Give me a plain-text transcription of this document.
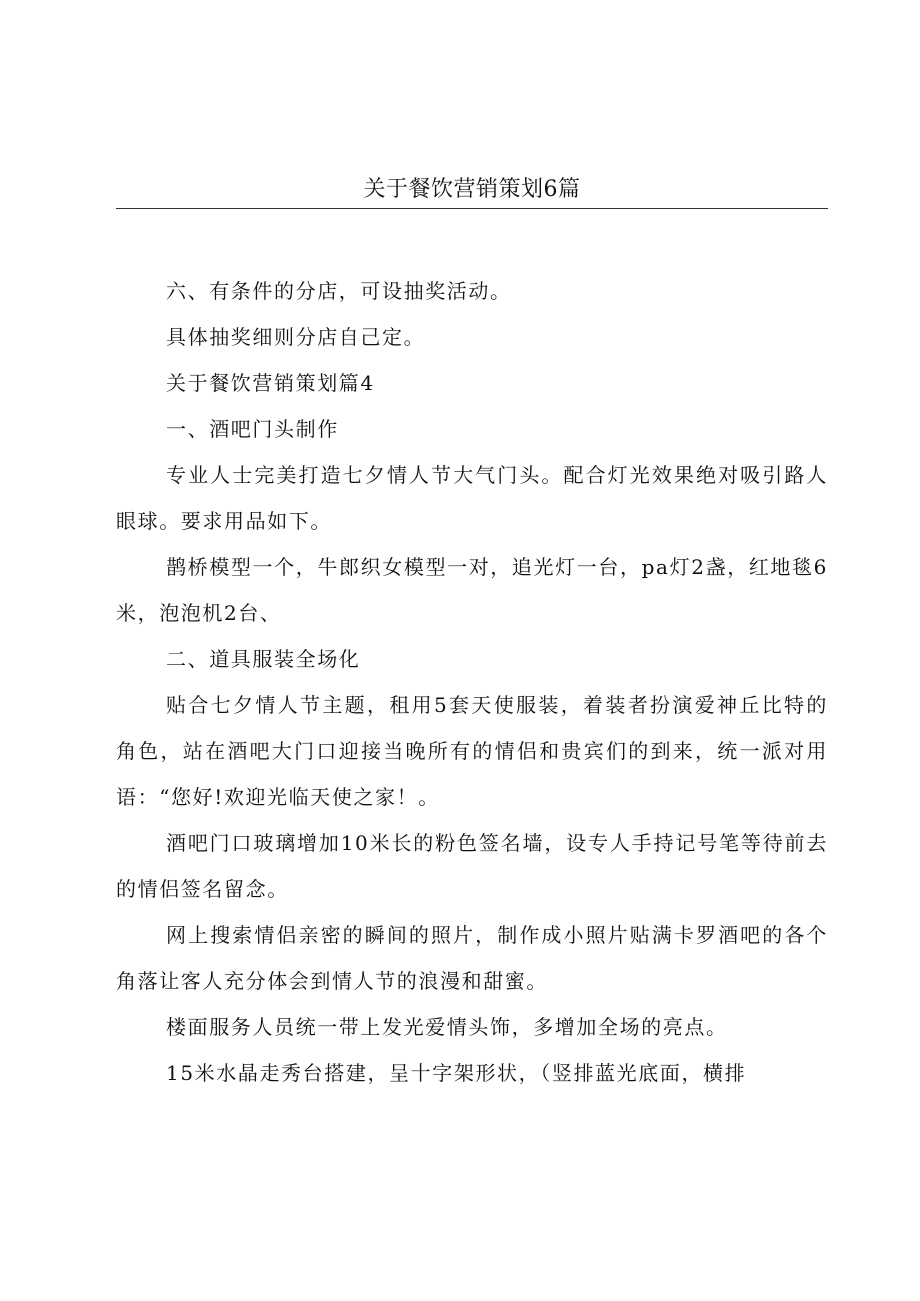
关于餐饮营销策划6篇

六、有条件的分店，可设抽奖活动。

具体抽奖细则分店自己定。

关于餐饮营销策划篇4

一、酒吧门头制作

专业人士完美打造七夕情人节大气门头。配合灯光效果绝对吸引路人眼球。要求用品如下。

鹊桥模型一个，牛郎织女模型一对，追光灯一台，pa灯2盏，红地毯6米，泡泡机2台、

二、道具服装全场化

贴合七夕情人节主题，租用5套天使服装，着装者扮演爱神丘比特的角色，站在酒吧大门口迎接当晚所有的情侣和贵宾们的到来，统一派对用语：“您好!欢迎光临天使之家！。

酒吧门口玻璃增加10米长的粉色签名墙，设专人手持记号笔等待前去的情侣签名留念。

网上搜索情侣亲密的瞬间的照片，制作成小照片贴满卡罗酒吧的各个角落让客人充分体会到情人节的浪漫和甜蜜。

楼面服务人员统一带上发光爱情头饰，多增加全场的亮点。

15米水晶走秀台搭建，呈十字架形状，（竖排蓝光底面，横排
